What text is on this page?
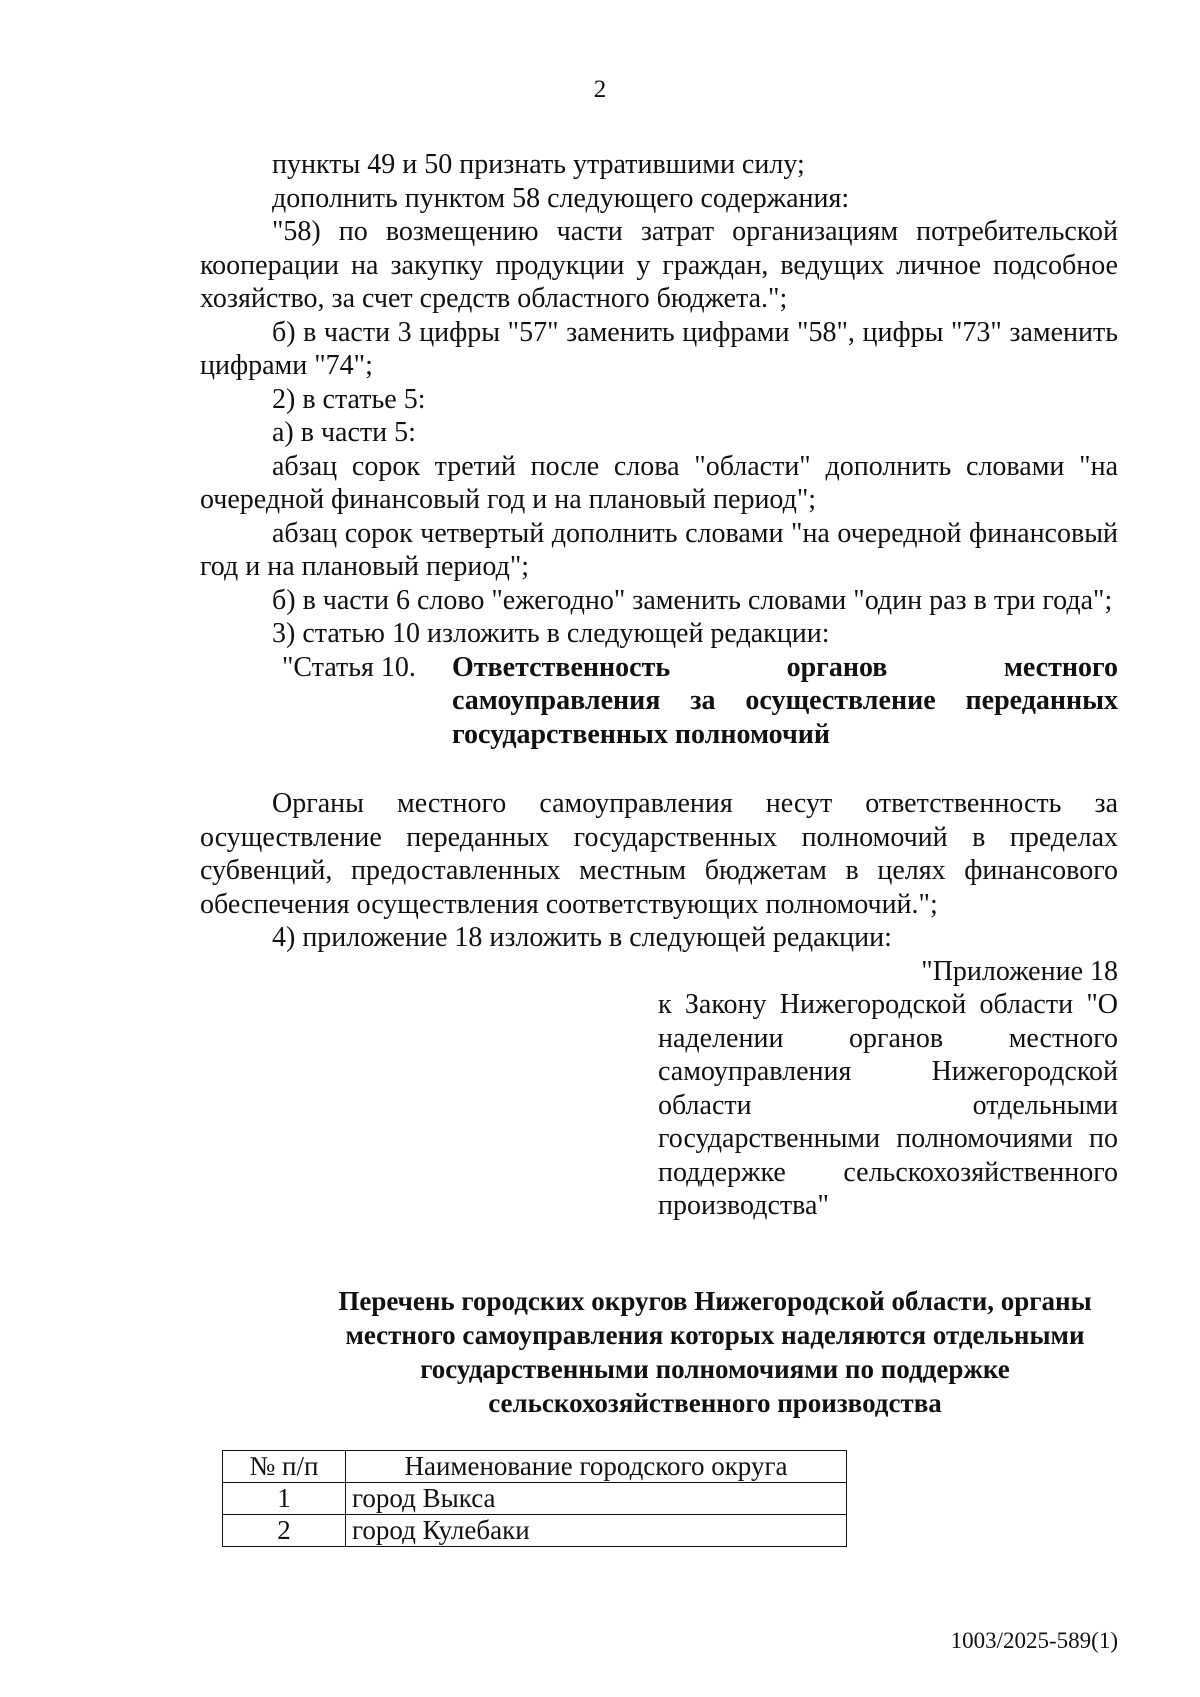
2

пункты 49 и 50 признать утратившими силу;

дополнить пунктом 58 следующего содержания:

"58) по возмещению части затрат организациям потребительской кооперации на закупку продукции у граждан, ведущих личное подсобное хозяйство, за счет средств областного бюджета.";

б) в части 3 цифры "57" заменить цифрами "58", цифры "73" заменить цифрами "74";

2) в статье 5:

а) в части 5:

абзац сорок третий после слова "области" дополнить словами "на очередной финансовый год и на плановый период";

абзац сорок четвертый дополнить словами "на очередной финансовый год и на плановый период";

б) в части 6 слово "ежегодно" заменить словами "один раз в три года";

3) статью 10 изложить в следующей редакции:

"Статья 10.	Ответственность органов местного
самоуправления за осуществление переданных государственных полномочий

Органы местного самоуправления несут ответственность за осуществление переданных государственных полномочий в пределах субвенций, предоставленных местным бюджетам в целях финансового обеспечения осуществления соответствующих полномочий.";

4) приложение 18 изложить в следующей редакции:

"Приложение 18
к Закону Нижегородской области "О наделении органов местного самоуправления Нижегородской области отдельными государственными полномочиями по поддержке сельскохозяйственного производства"
Перечень городских округов Нижегородской области, органы местного самоуправления которых наделяются отдельными государственными полномочиями по поддержке сельскохозяйственного производства
№ п/п	Наименование городского округа
1	город Выкса
2	город Кулебаки
1003/2025-589(1)
